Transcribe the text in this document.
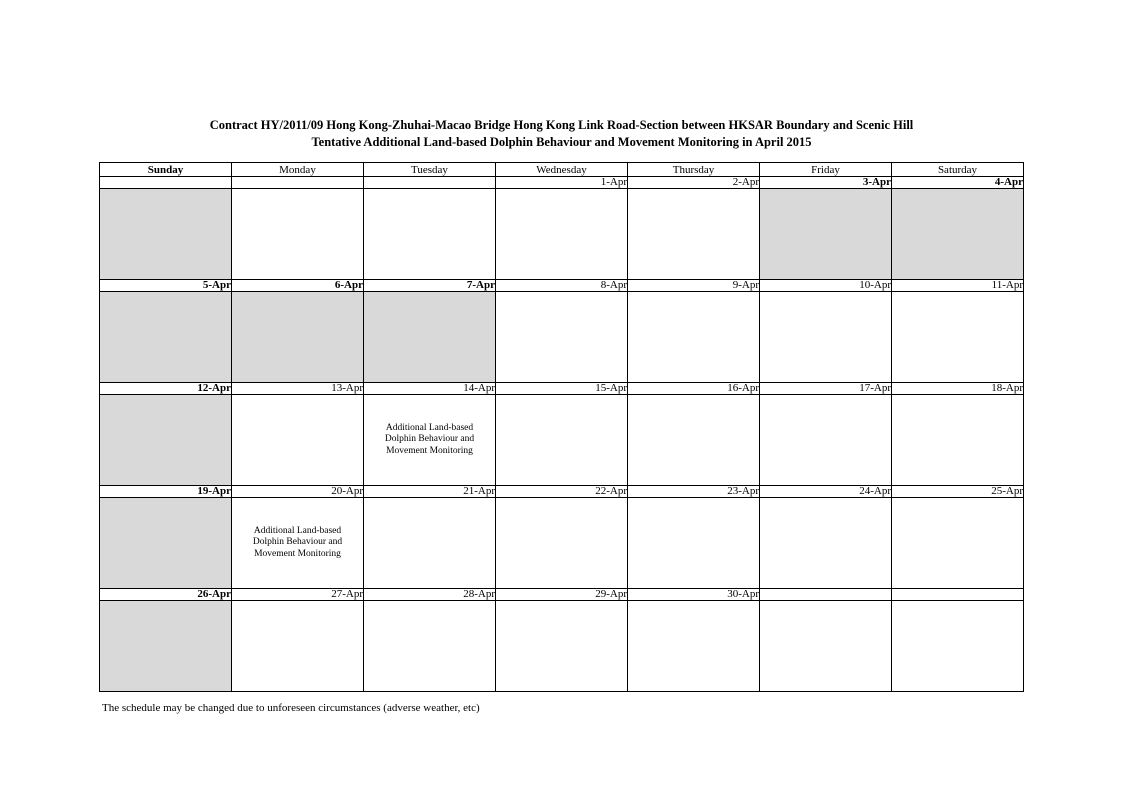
Contract HY/2011/09 Hong Kong-Zhuhai-Macao Bridge Hong Kong Link Road-Section between HKSAR Boundary and Scenic Hill
Tentative Additional Land-based Dolphin Behaviour and Movement Monitoring in April 2015
Sunday	Monday	Tuesday	Wednesday	Thursday	Friday	Saturday
			1-Apr	2-Apr	3-Apr	4-Apr

5-Apr	6-Apr	7-Apr	8-Apr	9-Apr	10-Apr	11-Apr

12-Apr	13-Apr	14-Apr	15-Apr	16-Apr	17-Apr	18-Apr

		Additional Land-based Dolphin Behaviour and Movement Monitoring				

19-Apr	20-Apr	21-Apr	22-Apr	23-Apr	24-Apr	25-Apr

	Additional Land-based Dolphin Behaviour and Movement Monitoring					

26-Apr	27-Apr	28-Apr	29-Apr	30-Apr		

The schedule may be changed due to unforeseen circumstances (adverse weather, etc)
